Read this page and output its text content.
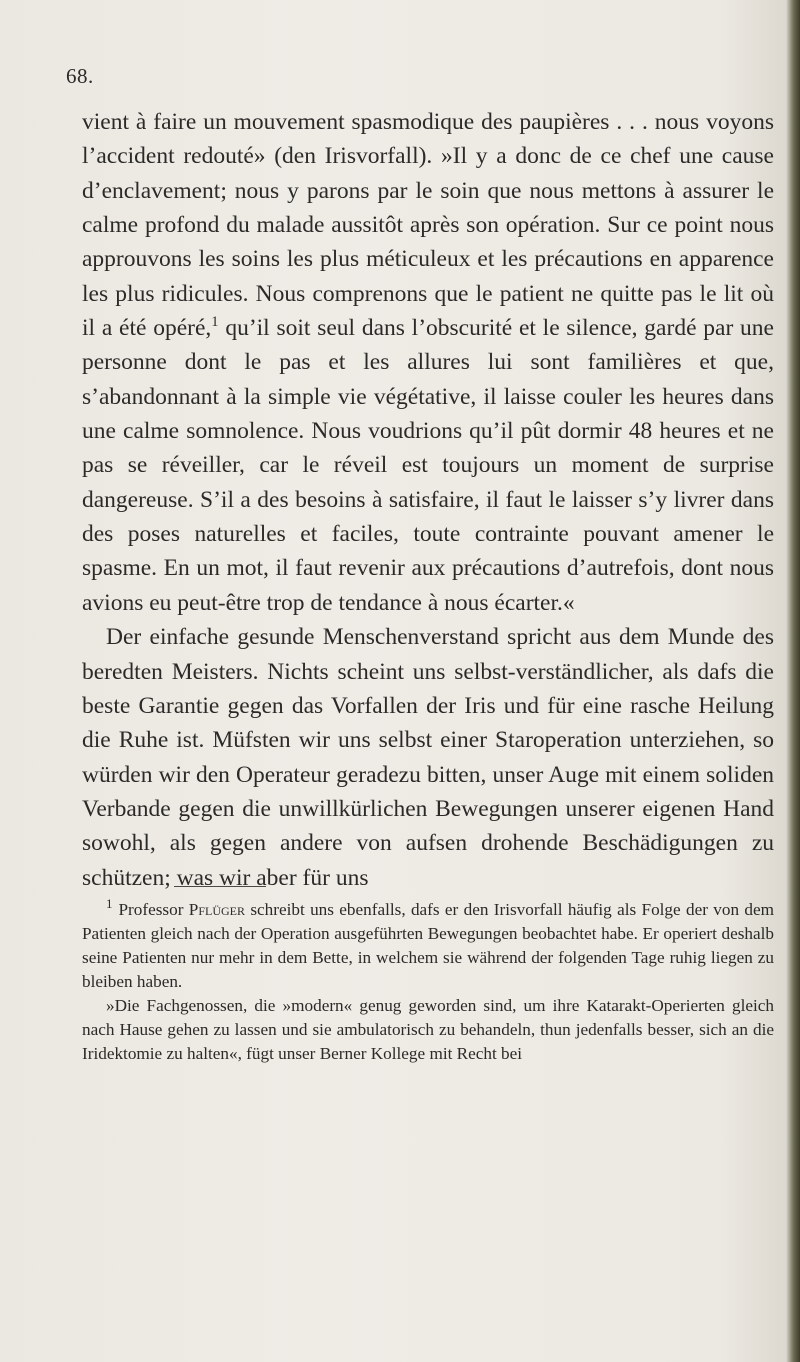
68.

vient à faire un mouvement spasmodique des paupières . . . nous voyons l’accident redouté» (den Irisvorfall). »Il y a donc de ce chef une cause d’enclavement; nous y parons par le soin que nous mettons à assurer le calme profond du malade aussitôt après son opération. Sur ce point nous approuvons les soins les plus méticuleux et les précautions en apparence les plus ridicules. Nous comprenons que le patient ne quitte pas le lit où il a été opéré,$^1$ qu’il soit seul dans l’obscurité et le silence, gardé par une personne dont le pas et les allures lui sont familières et que, s’abandonnant à la simple vie végétative, il laisse couler les heures dans une calme somnolence. Nous voudrions qu’il pût dormir 48 heures et ne pas se réveiller, car le réveil est toujours un moment de surprise dangereuse. S’il a des besoins à satisfaire, il faut le laisser s’y livrer dans des poses naturelles et faciles, toute contrainte pouvant amener le spasme. En un mot, il faut revenir aux précautions d’autrefois, dont nous avions eu peut-être trop de tendance à nous écarter.«

Der einfache gesunde Menschenverstand spricht aus dem Munde des beredten Meisters. Nichts scheint uns selbst-verständlicher, als dafs die beste Garantie gegen das Vorfallen der Iris und für eine rasche Heilung die Ruhe ist. Müfsten wir uns selbst einer Staroperation unterziehen, so würden wir den Operateur geradezu bitten, unser Auge mit einem soliden Verbande gegen die unwillkürlichen Bewegungen unserer eigenen Hand sowohl, als gegen andere von aufsen drohende Beschädigungen zu schützen; was wir aber für uns

$^1$ Professor Pflüger schreibt uns ebenfalls, dafs er den Irisvorfall häufig als Folge der von dem Patienten gleich nach der Operation ausgeführten Bewegungen beobachtet habe. Er operiert deshalb seine Patienten nur mehr in dem Bette, in welchem sie während der folgenden Tage ruhig liegen zu bleiben haben.

»Die Fachgenossen, die »modern« genug geworden sind, um ihre Katarakt-Operierten gleich nach Hause gehen zu lassen und sie ambulatorisch zu behandeln, thun jedenfalls besser, sich an die Iridektomie zu halten«, fügt unser Berner Kollege mit Recht bei
